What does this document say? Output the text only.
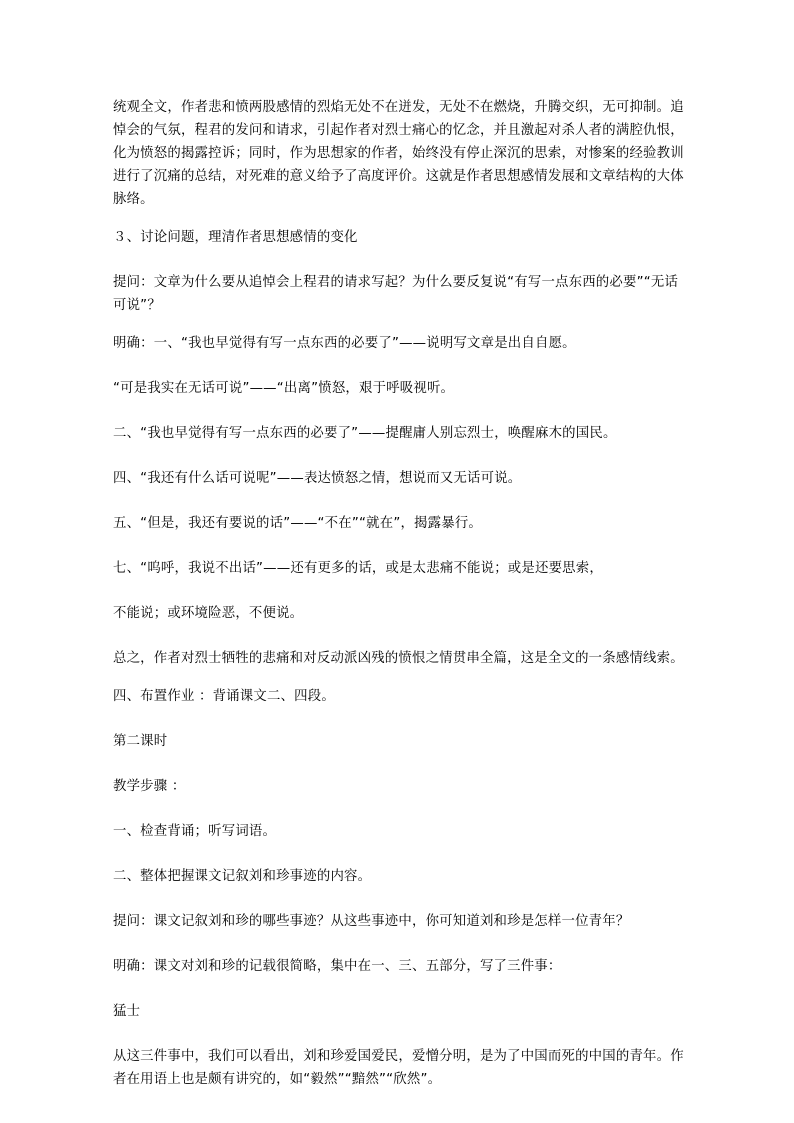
统观全文，作者悲和愤两股感情的烈焰无处不在迸发，无处不在燃烧，升腾交织，无可抑制。追悼会的气氛，程君的发问和请求，引起作者对烈士痛心的忆念，并且激起对杀人者的满腔仇恨，化为愤怒的揭露控诉；同时，作为思想家的作者，始终没有停止深沉的思索，对惨案的经验教训进行了沉痛的总结，对死难的意义给予了高度评价。这就是作者思想感情发展和文章结构的大体脉络。

３、讨论问题，理清作者思想感情的变化

提问：文章为什么要从追悼会上程君的请求写起？为什么要反复说“有写一点东西的必要”“无话可说”？

明确：一、“我也早觉得有写一点东西的必要了”——说明写文章是出自自愿。

“可是我实在无话可说”——“出离”愤怒，艰于呼吸视听。

二、“我也早觉得有写一点东西的必要了”——提醒庸人别忘烈士，唤醒麻木的国民。

四、“我还有什么话可说呢”——表达愤怒之情，想说而又无话可说。

五、“但是，我还有要说的话”——“不在”“就在”，揭露暴行。

七、“呜呼，我说不出话”——还有更多的话，或是太悲痛不能说；或是还要思索，

不能说；或环境险恶，不便说。

总之，作者对烈士牺牲的悲痛和对反动派凶残的愤恨之情贯串全篇，这是全文的一条感情线索。

四、布置作业 ：背诵课文二、四段。

第二课时

教学步骤 ：

一、检查背诵；听写词语。

二、整体把握课文记叙刘和珍事迹的内容。

提问：课文记叙刘和珍的哪些事迹？从这些事迹中，你可知道刘和珍是怎样一位青年？

明确：课文对刘和珍的记载很简略，集中在一、三、五部分，写了三件事：

猛士

从这三件事中，我们可以看出，刘和珍爱国爱民，爱憎分明，是为了中国而死的中国的青年。作者在用语上也是颇有讲究的，如“毅然”“黯然”“欣然”。
